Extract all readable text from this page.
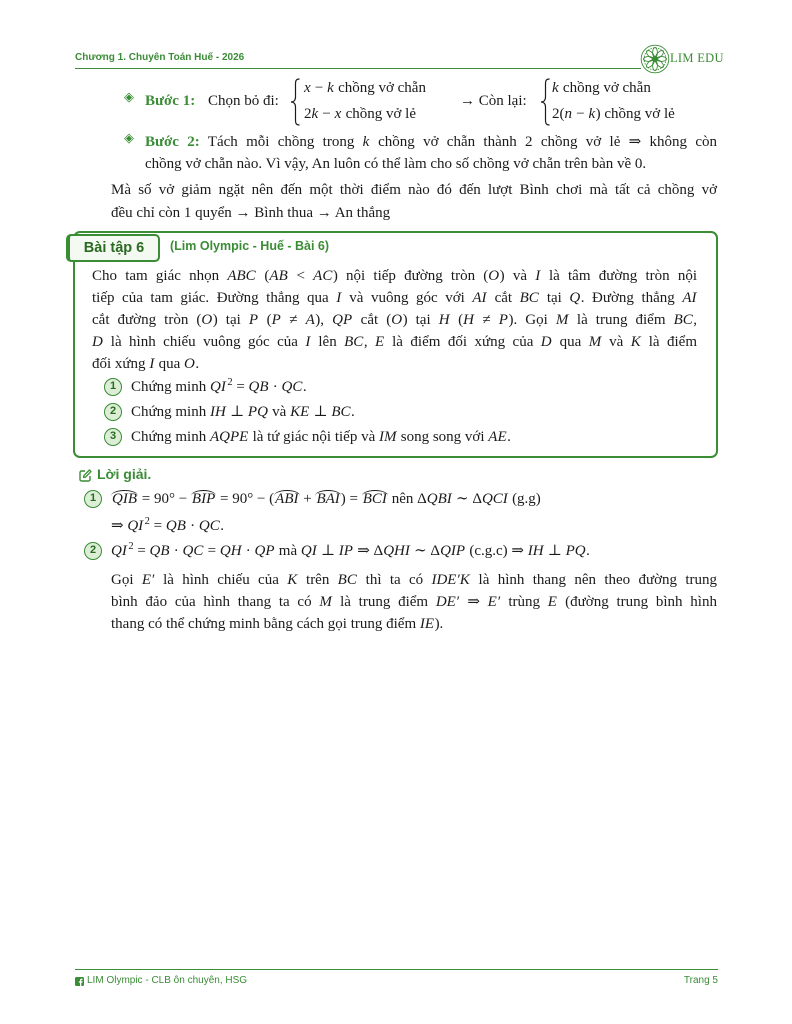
Chương 1. Chuyên Toán Huế - 2026	LIM EDU
◈ Bước 1: Chọn bỏ đi:
x − k chồng vở chẵn
2k − x chồng vở lẻ
→ Còn lại:
k chồng vở chẵn
2(n − k) chồng vở lẻ
◈ Bước 2: Tách mỗi chồng trong k chồng vở chẵn thành 2 chồng vở lẻ ⇒ không còn
chồng vở chẵn nào. Vì vậy, An luôn có thể làm cho số chồng vở chẵn trên bàn về 0.
Mà số vở giảm ngặt nên đến một thời điểm nào đó đến lượt Bình chơi mà tất cả chồng vở
đều chỉ còn 1 quyển → Bình thua → An thắng
Bài tập 6 (Lim Olympic - Huế - Bài 6)
Cho tam giác nhọn ABC (AB < AC) nội tiếp đường tròn (O) và I là tâm đường tròn nội
tiếp của tam giác. Đường thẳng qua I và vuông góc với AI cắt BC tại Q. Đường thẳng AI
cắt đường tròn (O) tại P (P ≠ A), QP cắt (O) tại H (H ≠ P). Gọi M là trung điểm BC,
D là hình chiếu vuông góc của I lên BC, E là điểm đối xứng của D qua M và K là điểm
đối xứng I qua O.
1 Chứng minh QI $^2$ = QB · QC.
2 Chứng minh IH ⊥ PQ và KE ⊥ BC.
3 Chứng minh AQPE là tứ giác nội tiếp và IM song song với AE.
Lời giải.
1	QIB = 90° − BIP = 90° − (ABI + BAI) = BCI nên ΔQBI ∼ ΔQCI (g.g)
⇒ QI $^2$ = QB · QC.
2 QI $^2$ = QB · QC = QH · QP mà QI ⊥ IP ⇒ ΔQHI ∼ ΔQIP (c.g.c) ⇒ IH ⊥ PQ.
Gọi E′ là hình chiếu của K trên BC thì ta có IDE′K là hình thang nên theo đường trung
bình đảo của hình thang ta có M là trung điểm DE′ ⇒ E′ trùng E (đường trung bình hình
thang có thể chứng minh bằng cách gọi trung điểm IE).
LIM Olympic - CLB ôn chuyên, HSG	Trang 5
